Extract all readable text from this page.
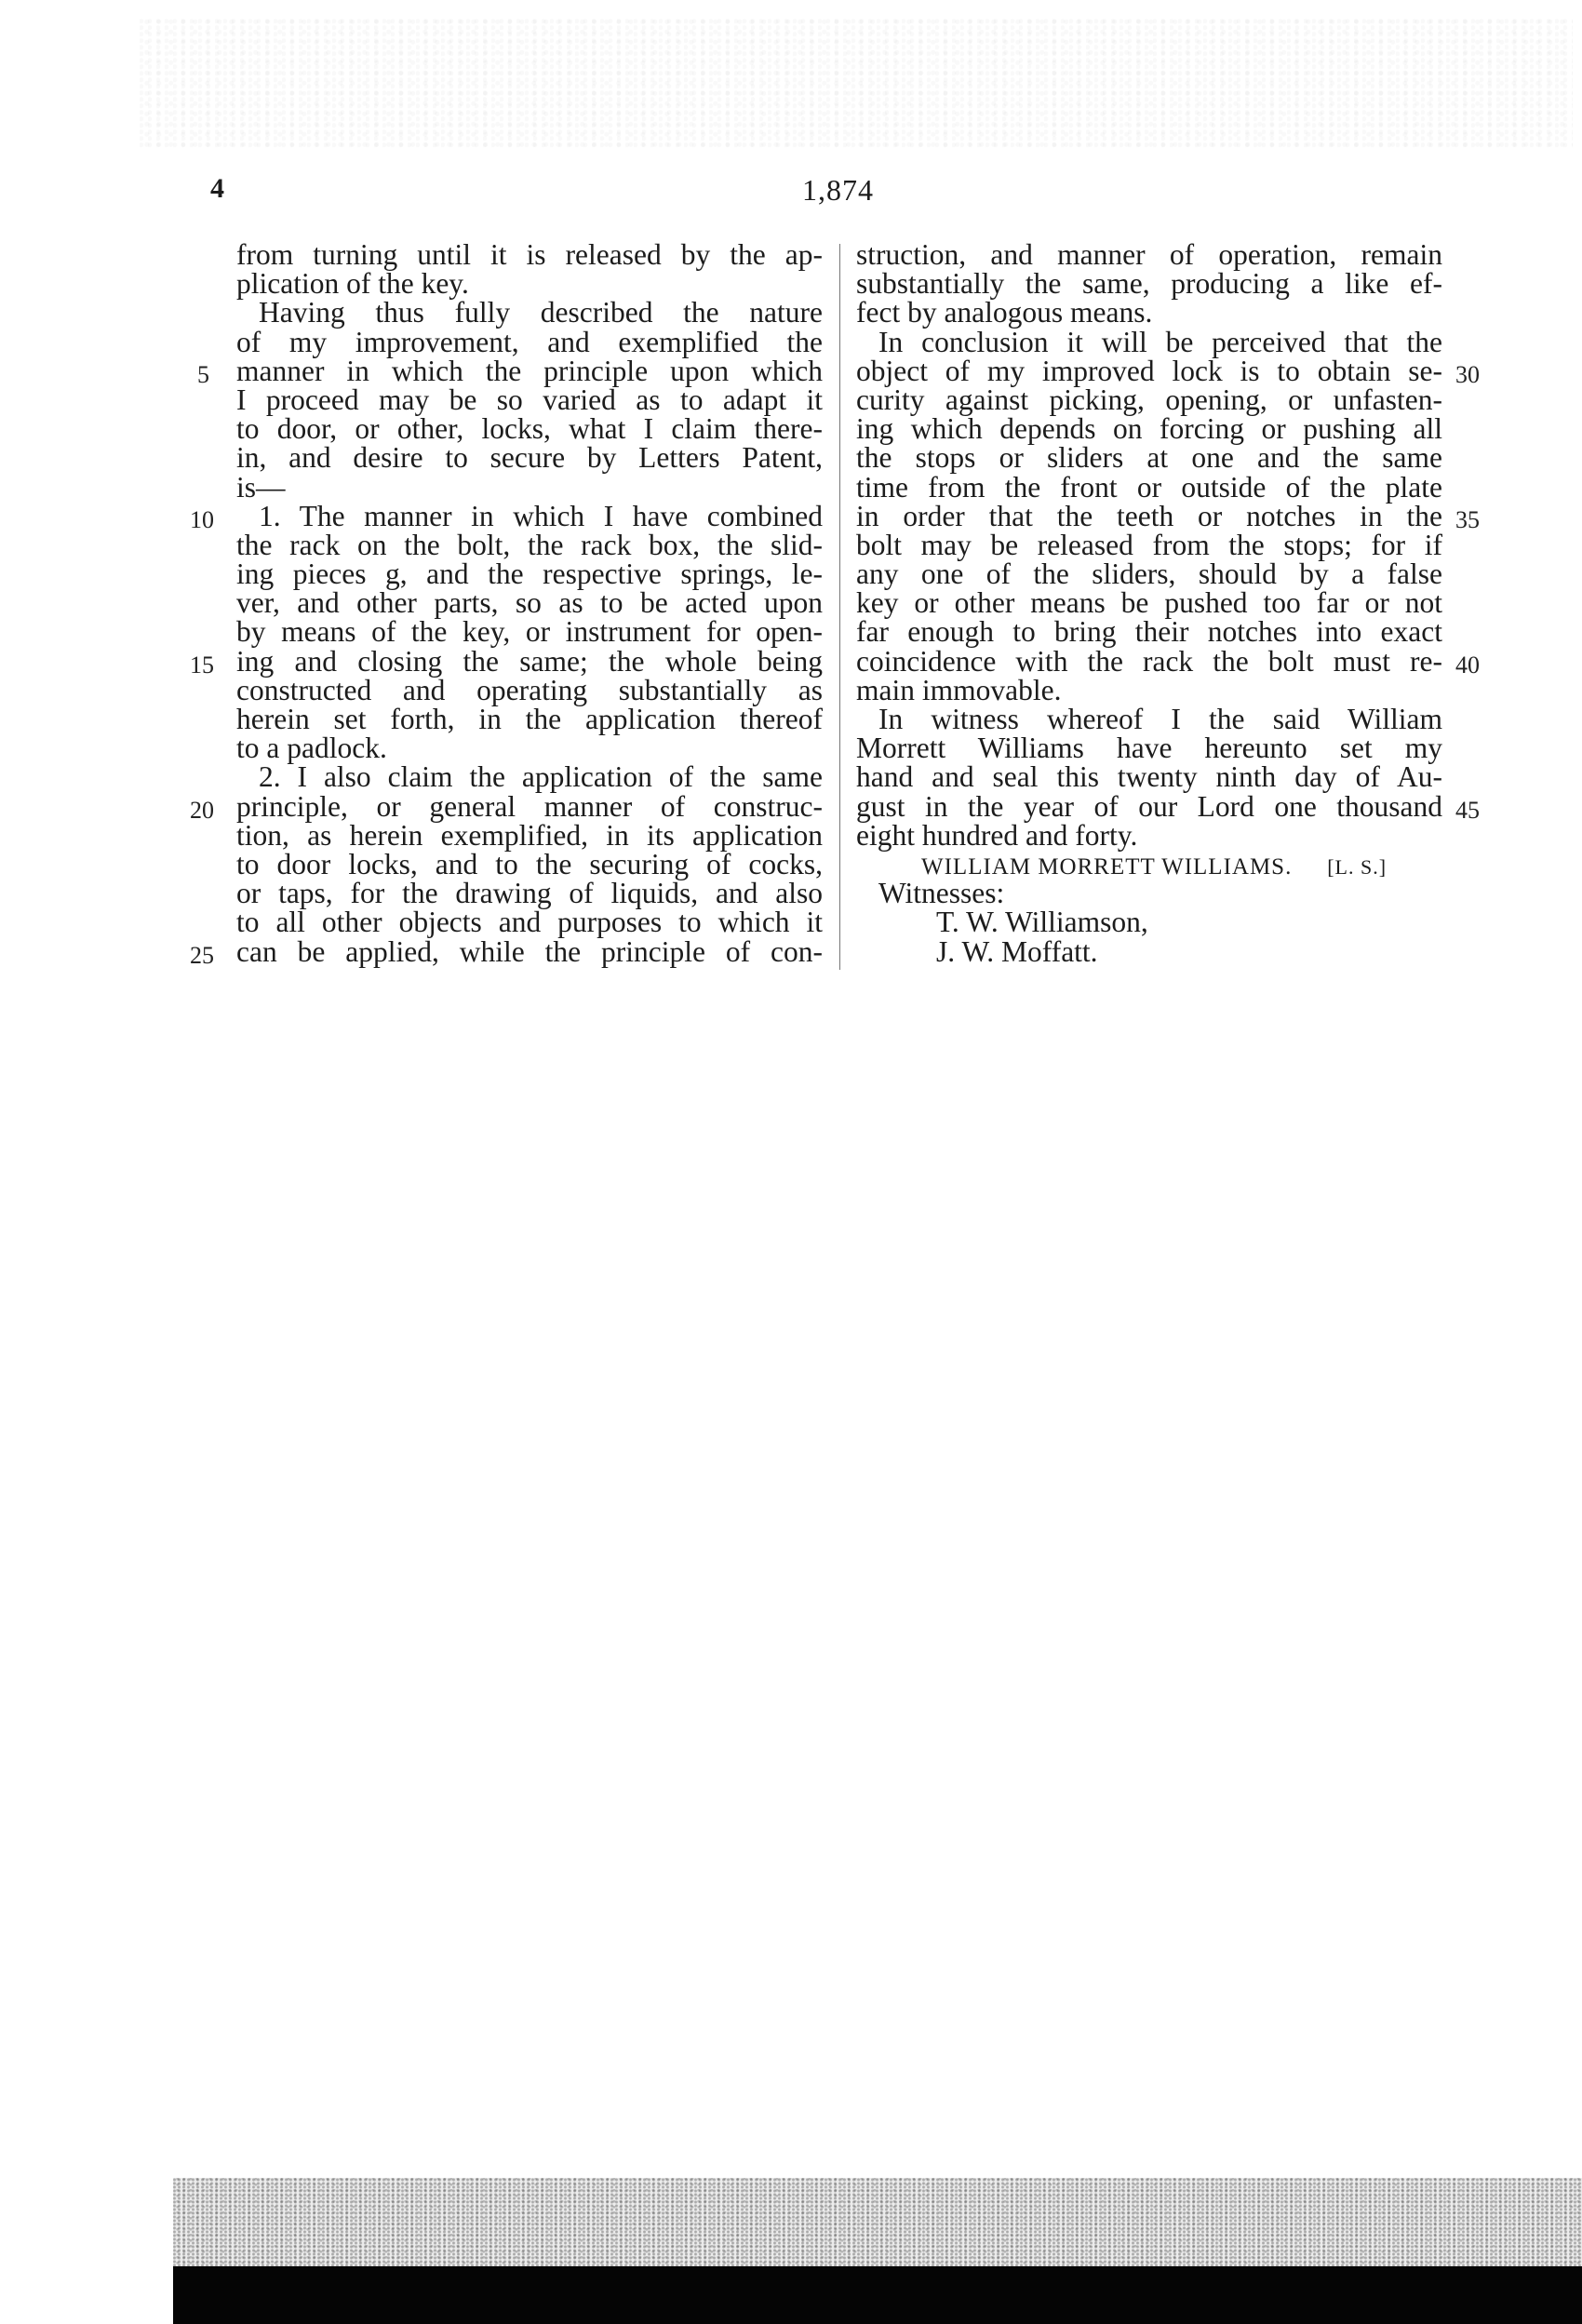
4	1,874
from turning until it is released by the ap-
plication of the key.
Having thus fully described the nature
of my improvement, and exemplified the
manner in which the principle upon which
I proceed may be so varied as to adapt it
to door, or other, locks, what I claim there-
in, and desire to secure by Letters Patent,
is—
1. The manner in which I have combined
the rack on the bolt, the rack box, the slid-
ing pieces g, and the respective springs, le-
ver, and other parts, so as to be acted upon
by means of the key, or instrument for open-
ing and closing the same; the whole being
constructed and operating substantially as
herein set forth, in the application thereof
to a padlock.
2. I also claim the application of the same
principle, or general manner of construc-
tion, as herein exemplified, in its application
to door locks, and to the securing of cocks,
or taps, for the drawing of liquids, and also
to all other objects and purposes to which it
can be applied, while the principle of con-
struction, and manner of operation, remain
substantially the same, producing a like ef-
fect by analogous means.
In conclusion it will be perceived that the
object of my improved lock is to obtain se-
curity against picking, opening, or unfasten-
ing which depends on forcing or pushing all
the stops or sliders at one and the same
time from the front or outside of the plate
in order that the teeth or notches in the
bolt may be released from the stops; for if
any one of the sliders, should by a false
key or other means be pushed too far or not
far enough to bring their notches into exact
coincidence with the rack the bolt must re-
main immovable.
In witness whereof I the said William
Morrett Williams have hereunto set my
hand and seal this twenty ninth day of Au-
gust in the year of our Lord one thousand
eight hundred and forty.
WILLIAM MORRETT WILLIAMS. [L. S.]
Witnesses:
T. W. Williamson,
J. W. Moffatt.
5
10
15
20
25
30
35
40
45
